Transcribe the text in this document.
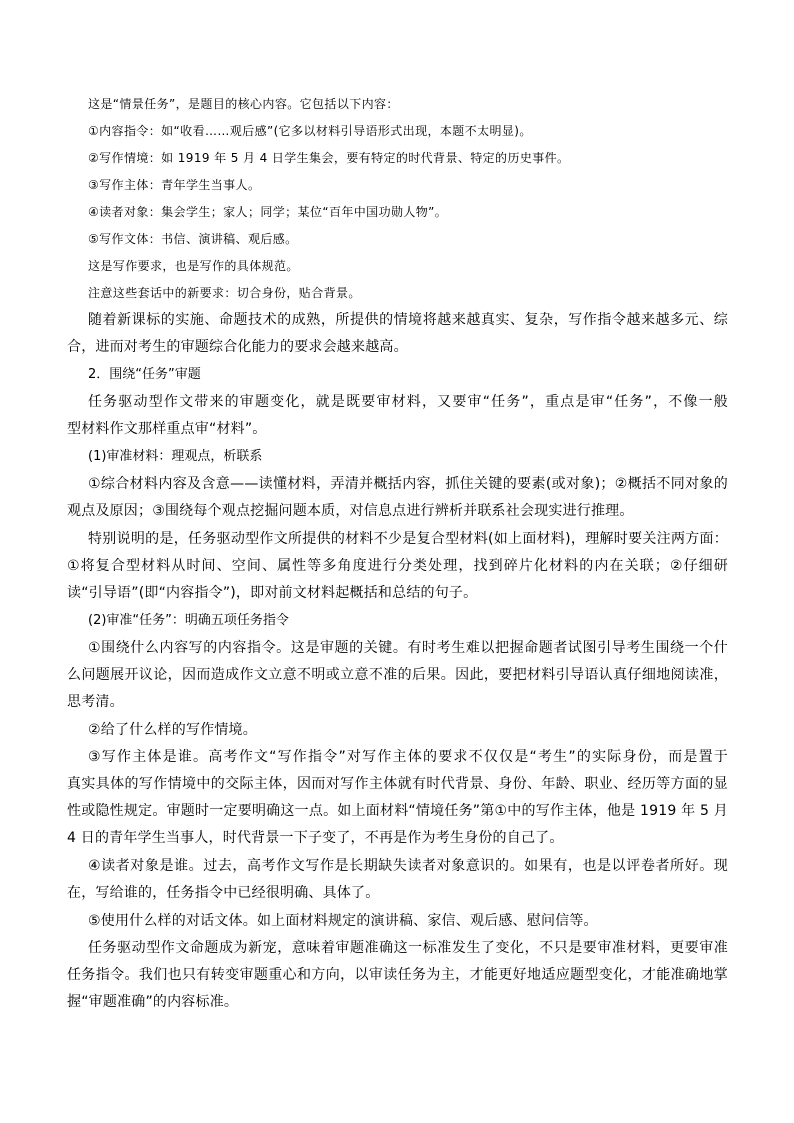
这是“情景任务”，是题目的核心内容。它包括以下内容：
①内容指令：如“收看……观后感”(它多以材料引导语形式出现，本题不太明显)。
②写作情境：如 1919 年 5 月 4 日学生集会，要有特定的时代背景、特定的历史事件。
③写作主体：青年学生当事人。
④读者对象：集会学生；家人；同学；某位“百年中国功勋人物”。
⑤写作文体：书信、演讲稿、观后感。
这是写作要求，也是写作的具体规范。
注意这些套话中的新要求：切合身份，贴合背景。
随着新课标的实施、命题技术的成熟，所提供的情境将越来越真实、复杂，写作指令越来越多元、综
合，进而对考生的审题综合化能力的要求会越来越高。
2．围绕“任务”审题
任务驱动型作文带来的审题变化，就是既要审材料，又要审“任务”，重点是审“任务”，不像一般
型材料作文那样重点审“材料”。
(1)审准材料：理观点，析联系
①综合材料内容及含意——读懂材料，弄清并概括内容，抓住关键的要素(或对象)；②概括不同对象的
观点及原因；③围绕每个观点挖掘问题本质，对信息点进行辨析并联系社会现实进行推理。
特别说明的是，任务驱动型作文所提供的材料不少是复合型材料(如上面材料)，理解时要关注两方面：
①将复合型材料从时间、空间、属性等多角度进行分类处理，找到碎片化材料的内在关联；②仔细研
读“引导语”(即“内容指令”)，即对前文材料起概括和总结的句子。
(2)审准“任务”：明确五项任务指令
①围绕什么内容写的内容指令。这是审题的关键。有时考生难以把握命题者试图引导考生围绕一个什
么问题展开议论，因而造成作文立意不明或立意不准的后果。因此，要把材料引导语认真仔细地阅读准，
思考清。
②给了什么样的写作情境。
③写作主体是谁。高考作文“写作指令”对写作主体的要求不仅仅是“考生”的实际身份，而是置于
真实具体的写作情境中的交际主体，因而对写作主体就有时代背景、身份、年龄、职业、经历等方面的显
性或隐性规定。审题时一定要明确这一点。如上面材料“情境任务”第①中的写作主体，他是 1919 年 5 月
4 日的青年学生当事人，时代背景一下子变了，不再是作为考生身份的自己了。
④读者对象是谁。过去，高考作文写作是长期缺失读者对象意识的。如果有，也是以评卷者所好。现
在，写给谁的，任务指令中已经很明确、具体了。
⑤使用什么样的对话文体。如上面材料规定的演讲稿、家信、观后感、慰问信等。
任务驱动型作文命题成为新宠，意味着审题准确这一标准发生了变化，不只是要审准材料，更要审准
任务指令。我们也只有转变审题重心和方向，以审读任务为主，才能更好地适应题型变化，才能准确地掌
握“审题准确”的内容标准。
